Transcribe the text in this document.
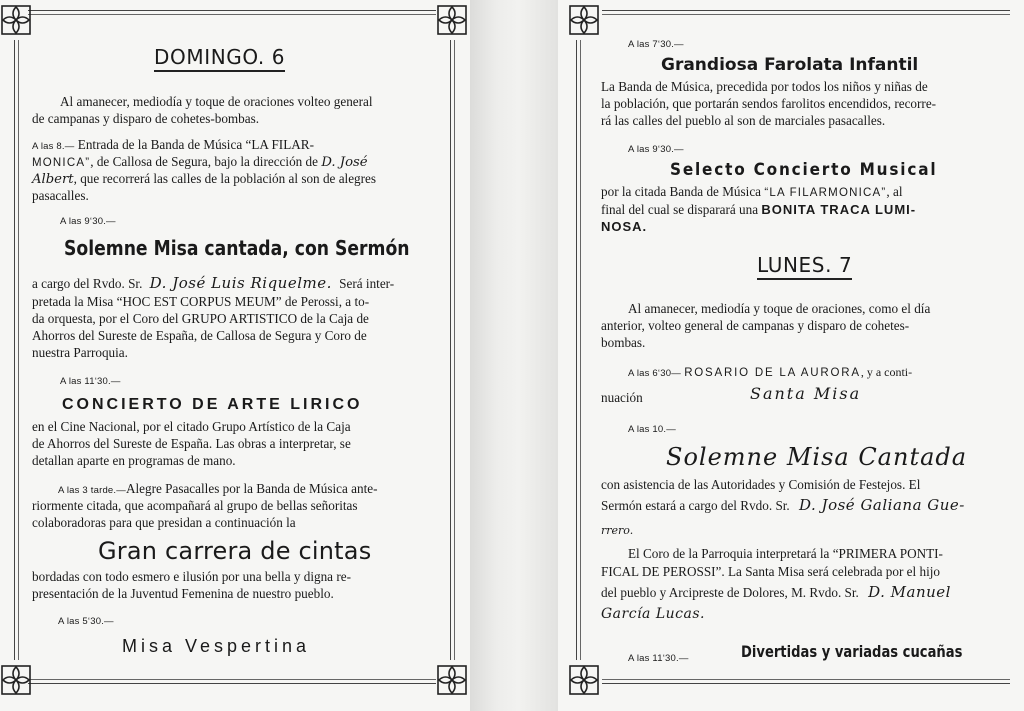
DOMINGO. 6
Al amanecer, mediodía y toque de oraciones volteo general
de campanas y disparo de cohetes-bombas.
A las 8.— Entrada de la Banda de Música “LA FILAR-
MONICA”, de Callosa de Segura, bajo la dirección de D. José
Albert, que recorrerá las calles de la población al son de alegres
pasacalles.
A las 9‘30.—
Solemne Misa cantada, con Sermón
a cargo del Rvdo. Sr. D. José Luis Riquelme. Será inter-
pretada la Misa “HOC EST CORPUS MEUM” de Perossi, a to-
da orquesta, por el Coro del GRUPO ARTISTICO de la Caja de
Ahorros del Sureste de España, de Callosa de Segura y Coro de
nuestra Parroquia.
A las 11‘30.—
CONCIERTO DE ARTE LIRICO
en el Cine Nacional, por el citado Grupo Artístico de la Caja
de Ahorros del Sureste de España. Las obras a interpretar, se
detallan aparte en programas de mano.
A las 3 tarde.—Alegre Pasacalles por la Banda de Música ante-
riormente citada, que acompañará al grupo de bellas señoritas
colaboradoras para que presidan a continuación la
Gran carrera de cintas
bordadas con todo esmero e ilusión por una bella y digna re-
presentación de la Juventud Femenina de nuestro pueblo.
A las 5‘30.—
Misa Vespertina
A las 7‘30.—
Grandiosa Farolata Infantil
La Banda de Música, precedida por todos los niños y niñas de
la población, que portarán sendos farolitos encendidos, recorre-
rá las calles del pueblo al son de marciales pasacalles.
A las 9‘30.—
Selecto Concierto Musical
por la citada Banda de Música “LA FILARMONICA”, al
final del cual se disparará una BONITA TRACA LUMI-
NOSA.
LUNES. 7
Al amanecer, mediodía y toque de oraciones, como el día
anterior, volteo general de campanas y disparo de cohetes-
bombas.
A las 6‘30— ROSARIO DE LA AURORA, y a conti-
nuación	Santa Misa
A las 10.—
Solemne Misa Cantada
con asistencia de las Autoridades y Comisión de Festejos. El
Sermón estará a cargo del Rvdo. Sr. D. José Galiana Gue-
rrero.
El Coro de la Parroquia interpretará la “PRIMERA PONTI-
FICAL DE PEROSSI”. La Santa Misa será celebrada por el hijo
del pueblo y Arcipreste de Dolores, M. Rvdo. Sr. D. Manuel
García Lucas.
A las 11‘30.—	Divertidas y variadas cucañas
